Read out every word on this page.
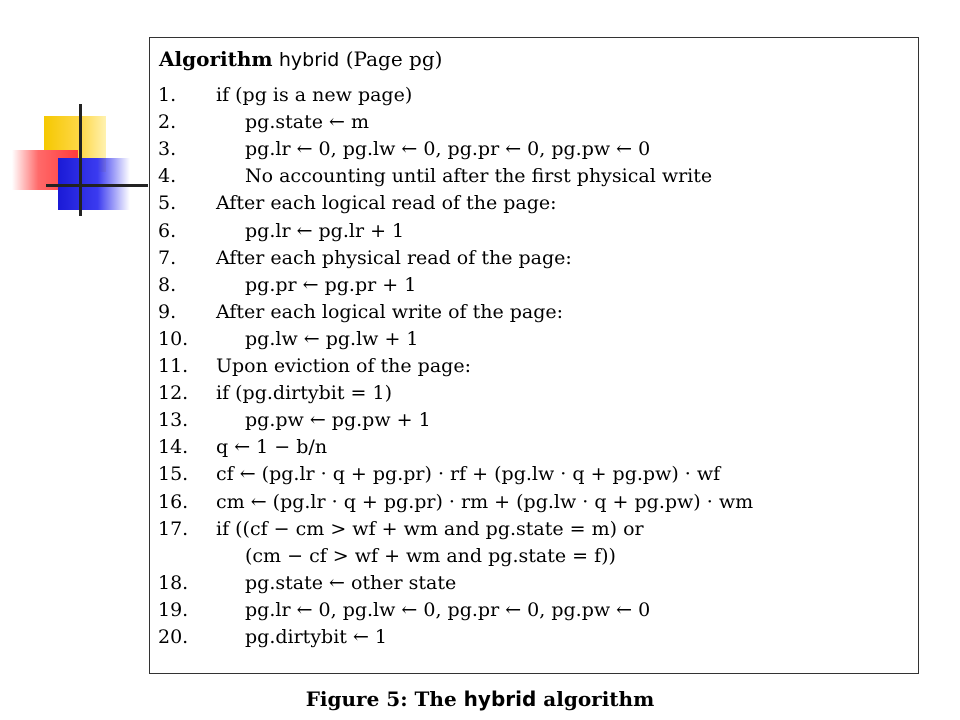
Algorithm hybrid (Page pg)
1.	if (pg is a new page)
2.	pg.state ← m
3.	pg.lr ← 0, pg.lw ← 0, pg.pr ← 0, pg.pw ← 0
4.	No accounting until after the first physical write
5.	After each logical read of the page:
6.	pg.lr ← pg.lr + 1
7.	After each physical read of the page:
8.	pg.pr ← pg.pr + 1
9.	After each logical write of the page:
10.	pg.lw ← pg.lw + 1
11.	Upon eviction of the page:
12.	if (pg.dirtybit = 1)
13.	pg.pw ← pg.pw + 1
14.	q ← 1 − b/n
15.	cf ← (pg.lr · q + pg.pr) · rf + (pg.lw · q + pg.pw) · wf
16.	cm ← (pg.lr · q + pg.pr) · rm + (pg.lw · q + pg.pw) · wm
17.	if ((cf − cm > wf + wm and pg.state = m) or
(cm − cf > wf + wm and pg.state = f))
18.	pg.state ← other state
19.	pg.lr ← 0, pg.lw ← 0, pg.pr ← 0, pg.pw ← 0
20.	pg.dirtybit ← 1
Figure 5: The hybrid algorithm
